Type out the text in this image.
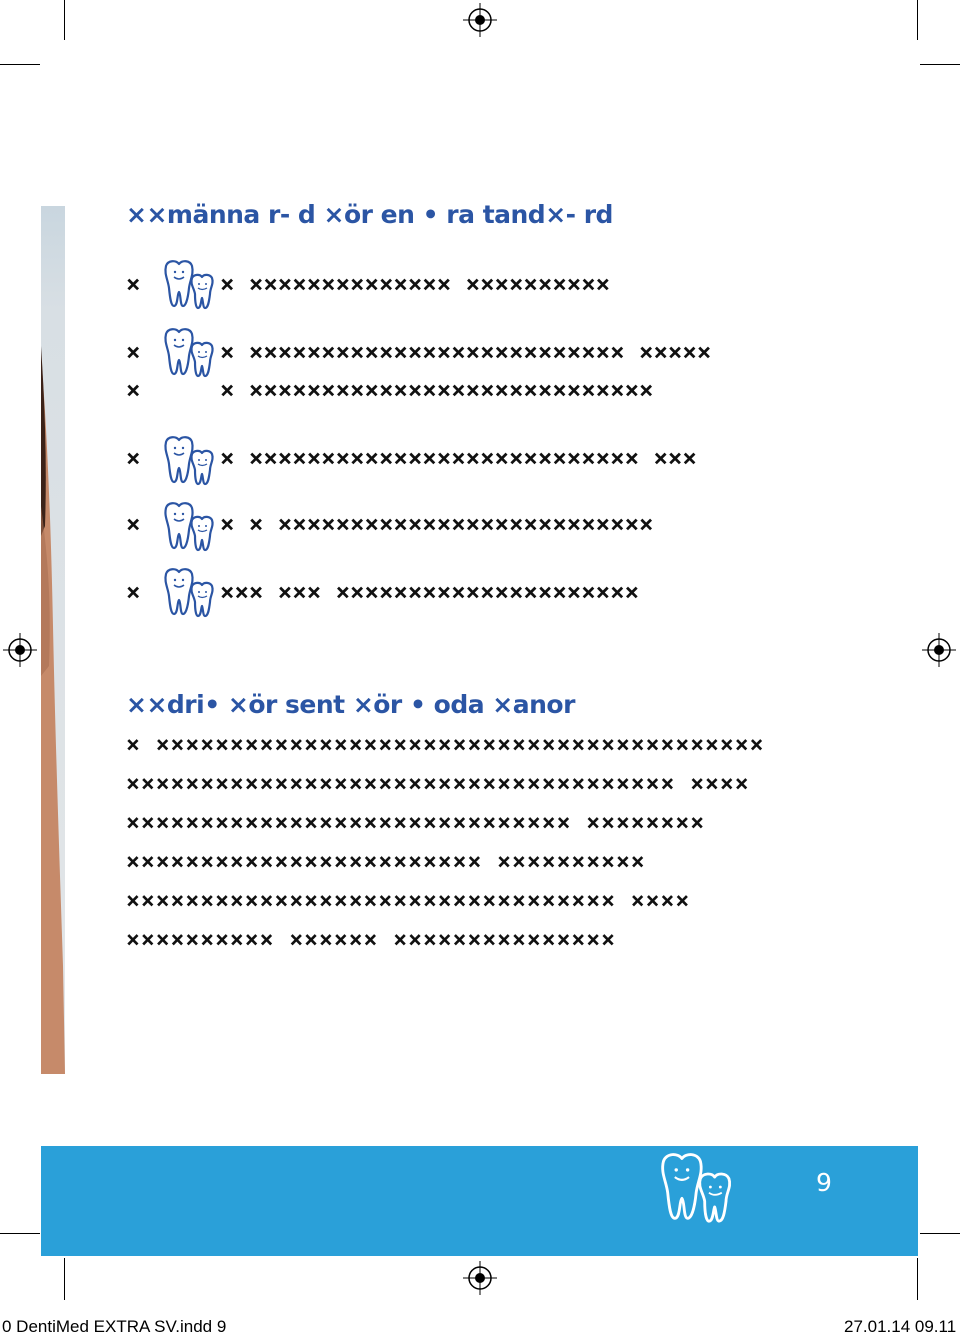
××männa r- d ×ör en • ra tand×- rd
×
×
×
×
×
×
× ×××××××××××××× ××××××××××
× ×××××××××××××××××××××××××× ×××××
× ××××××××××××××××××××××××××××
× ××××××××××××××××××××××××××× ×××
× × ××××××××××××××××××××××××××
××× ××× ×××××××××××××××××××××
××dri• ×ör sent ×ör • oda ×anor
× ×××××××××××××××××××××××××××××××××××××××××
××××××××××××××××××××××××××××××××××××× ××××
×××××××××××××××××××××××××××××× ××××××××
×××××××××××××××××××××××× ××××××××××
××××××××××××××××××××××××××××××××× ××××
×××××××××× ×××××× ×××××××××××××××
9
0 DentiMed EXTRA SV.indd 9	27.01.14 09.11
